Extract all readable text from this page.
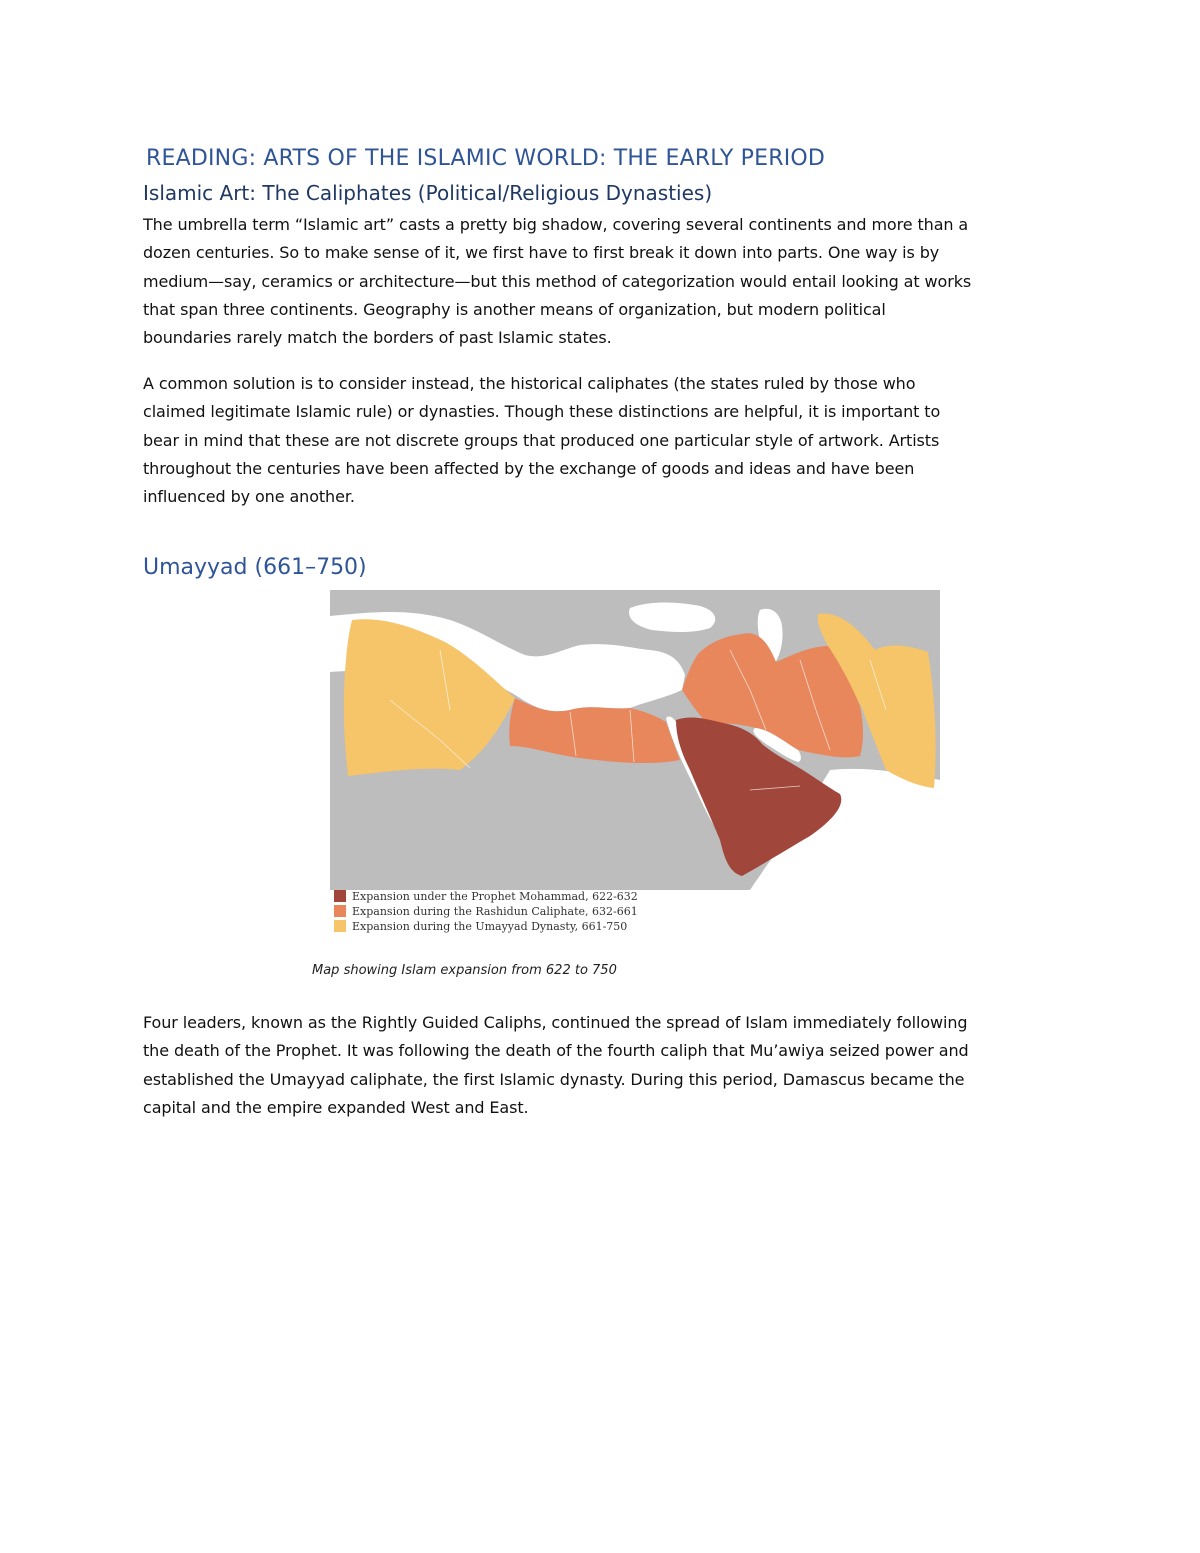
READING: ARTS OF THE ISLAMIC WORLD: THE EARLY PERIOD
Islamic Art: The Caliphates (Political/Religious Dynasties)

The umbrella term “Islamic art” casts a pretty big shadow, covering several continents and more than a
dozen centuries. So to make sense of it, we first have to first break it down into parts. One way is by
medium—say, ceramics or architecture—but this method of categorization would entail looking at works
that span three continents. Geography is another means of organization, but modern political
boundaries rarely match the borders of past Islamic states.

A common solution is to consider instead, the historical caliphates (the states ruled by those who
claimed legitimate Islamic rule) or dynasties. Though these distinctions are helpful, it is important to
bear in mind that these are not discrete groups that produced one particular style of artwork. Artists
throughout the centuries have been affected by the exchange of goods and ideas and have been
influenced by one another.

Umayyad (661–750)
Expansion under the Prophet Mohammad, 622-632
Expansion during the Rashidun Caliphate, 632-661
Expansion during the Umayyad Dynasty, 661-750

Map showing Islam expansion from 622 to 750

Four leaders, known as the Rightly Guided Caliphs, continued the spread of Islam immediately following
the death of the Prophet. It was following the death of the fourth caliph that Mu’awiya seized power and
established the Umayyad caliphate, the first Islamic dynasty. During this period, Damascus became the
capital and the empire expanded West and East.
